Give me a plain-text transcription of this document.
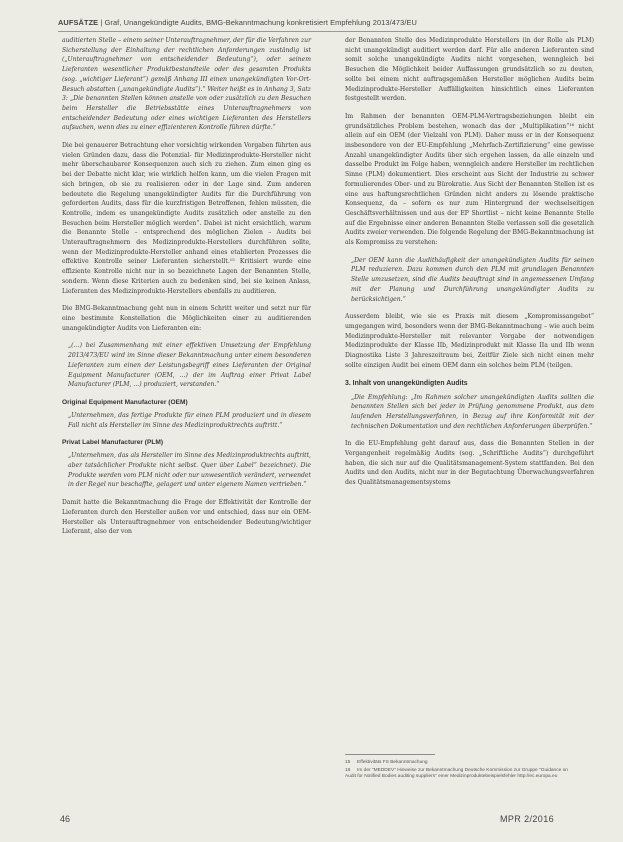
AUFSÄTZE | Graf, Unangekündigte Audits, BMG-Bekanntmachung konkretisiert Empfehlung 2013/473/EU

auditierten Stelle – einem seiner Unterauftragnehmer, der für die Verfahren zur Sicherstellung der Einhaltung der rechtlichen Anforderungen zuständig ist („Unterauftragnehmer von entscheidender Bedeutung“), oder seinem Lieferanten wesentlicher Produktbestandteile oder des gesamten Produkts (sog. „wichtiger Lieferant“) gemäß Anhang III einen unangekündigten Vor-Ort-Besuch abstatten („unangekündigte Audits“).“ Weiter heißt es in Anhang 3, Satz 3: „Die benannten Stellen können anstelle von oder zusätzlich zu den Besuchen beim Hersteller die Betriebsstätte eines Unterauftragnehmers von entscheidender Bedeutung oder eines wichtigen Lieferanten des Herstellers aufsuchen, wenn dies zu einer effizienteren Kontrolle führen dürfte.“

Die bei genauerer Betrachtung eher vorsichtig wirkenden Vorgaben führten aus vielen Gründen dazu, dass die Potenzial- für Medizinprodukte-Hersteller nicht mehr überschaubarer Konsequenzen auch sich zu ziehen. Zum einen ging es bei der Debatte nicht klar, wie wirklich helfen kann, um die vielen Fragen mit sich bringen, ob sie zu realisieren oder in der Lage sind. Zum anderen bedeutete die Regelung unangekündigter Audits für die Durchführung von geforderten Audits, dass für die kurzfristigen Betroffenen, fehlen müssten, die Kontrolle, indem es unangekündigte Audits zusätzlich oder anstelle zu den Besuchen beim Hersteller möglich werden“. Dabei ist nicht ersichtlich, warum die Benannte Stelle – entsprechend des möglichen Zielen – Audits bei Unterauftragnehmern des Medizinprodukte-Herstellers durchführen sollte, wenn der Medizinprodukte-Hersteller anhand eines etablierten Prozesses die effektive Kontrolle seiner Lieferanten sicherstellt.¹⁵ Kritisiert wurde eine effiziente Kontrolle nicht nur in so bezeichnete Lagen der Benannten Stelle, sondern. Wenn diese Kriterien auch zu bedenken sind, bei sie keinen Anlass, Lieferanten des Medizinprodukte-Herstellers ebenfalls zu auditieren.

Die BMG-Bekanntmachung geht nun in einem Schritt weiter und setzt nur für eine bestimmte Konstellation die Möglichkeiten einer zu auditierenden unangekündigter Audits von Lieferanten ein:

„(…) bei Zusammenhang mit einer effektiven Umsetzung der Empfehlung 2013/473/EU wird im Sinne dieser Bekanntmachung unter einem besonderen Lieferanten zum einen der Leistungsbegriff eines Lieferanten der Original Equipment Manufacturer (OEM, ...) der im Auftrag einer Privat Label Manufacturer (PLM, ...) produziert, verstanden.“

Original Equipment Manufacturer (OEM)

„Unternehmen, das fertige Produkte für einen PLM produziert und in diesem Fall nicht als Hersteller im Sinne des Medizinproduktrechts auftritt.“

Privat Label Manufacturer (PLM)

„Unternehmen, das als Hersteller im Sinne des Medizinproduktrechts auftritt, aber tatsächlicher Produkte nicht selbst. Quer über Label“ bezeichnet). Die Produkte werden vom PLM nicht oder nur unwesentlich verändert, verwendet in der Regel nur beschaffte, gelagert und unter eigenem Namen vertrieben.“

Damit hatte die Bekanntmachung die Frage der Effektivität der Kontrolle der Lieferanten durch den Hersteller außen vor und entschied, dass nur ein OEM-Hersteller als Unterauftragnehmer von entscheidender Bedeutung/wichtiger Lieferant, also der von

der Benannten Stelle des Medizinprodukte Herstellers (in der Rolle als PLM) nicht unangekündigt auditiert werden darf. Für alle anderen Lieferanten sind somit solche unangekündigte Audits nicht vorgesehen, wenngleich bei Besuchen die Möglichkeit beider Auffassungen grundsätzlich so zu deuten, sollte bei einem nicht auftragsgemäßen Hersteller möglichen Audits beim Medizinprodukte-Hersteller Auffälligkeiten hinsichtlich eines Lieferanten festgestellt werden.

Im Rahmen der benannten OEM-PLM-Vertragsbeziehungen bleibt ein grundsätzliches Problem bestehen, wonach das der „Multiplikation“¹⁶ nicht allein auf ein OEM (der Vielzahl von PLM). Daher muss er in der Konsequenz insbesondere von der EU-Empfehlung „Mehrfach-Zertifizierung“ eine gewisse Anzahl unangekündigter Audits über sich ergehen lassen, da alle einzeln und dasselbe Produkt im Folge haben, wenngleich andere Hersteller im rechtlichen Sinne (PLM) dokumentiert. Dies erscheint aus Sicht der Industrie zu schwer formulierendes Ober- und zu Bürokratie. Aus Sicht der Benannten Stellen ist es eine aus haftungsrechtlichen Gründen nicht anders zu lösende praktische Konsequenz, da – sofern es nur zum Hintergrund der wechselseitigen Geschäftsverhältnissen und aus der EP Shortlist – nicht keine Benannte Stelle auf die Ergebnisse einer anderen Benannten Stelle verlassen soll die gesetzlich Audits zweier verwenden. Die folgende Regelung der BMG-Bekanntmachung ist als Kompromiss zu verstehen:

„Der OEM kann die Audithäufigkeit der unangekündigten Audits für seinen PLM reduzieren. Dazu kommen durch den PLM mit grundlagen Benannten Stelle umzusetzen, sind die Audits beauftragt sind in angemessenen Umfang mit der Planung und Durchführung unangekündigter Audits zu berücksichtigen.“

Ausserdem bleibt, wie sie es Praxis mit diesem „Kompromissangebot“ umgegangen wird, besonders wenn der BMG-Bekanntmachung – wie auch beim Medizinprodukte-Hersteller mit relevanter Vorgabe der notwendigen Medizinprodukte der Klasse IIb, Medizinprodukt mit Klasse IIa und IIb wenn Diagnostika Liste 3 Jahreszeitraum bei, Zeitfür Ziele sich nicht einen mehr sollte einzigen Audit bei einem OEM dann ein solches beim PLM (teilgen.

3. Inhalt von unangekündigten Audits

„Die Empfehlung: „Im Rahmen solcher unangekündigten Audits sollten die benannten Stellen sich bei jeder in Prüfung genommene Produkt, aus dem laufenden Herstellungsverfahren, in Bezug auf ihre Konformität mit der technischen Dokumentation und den rechtlichen Anforderungen überprüfen.“

In die EU-Empfehlung geht darauf aus, dass die Benannten Stellen in der Vergangenheit regelmäßig Audits (sog. „Schriftliche Audits“) durchgeführt haben, die sich nur auf die Qualitätsmanagement-System stattfanden. Bei den Audits und den Audits, nicht nur in der Begutachtung Überwachungsverfahren des Qualitätsmanagementsystems

15 Effektivitäts FS Bekanntmachung
16 Im der "MEDDEV" Hinweise zur Bekanntmachung Deutsche Kommission zur Gruppe "Guidance on Audit for Notified Bodies auditing suppliers" einer Medizinproduktebeispielsfehler http://ec.europa.eu
46	MPR 2/2016
